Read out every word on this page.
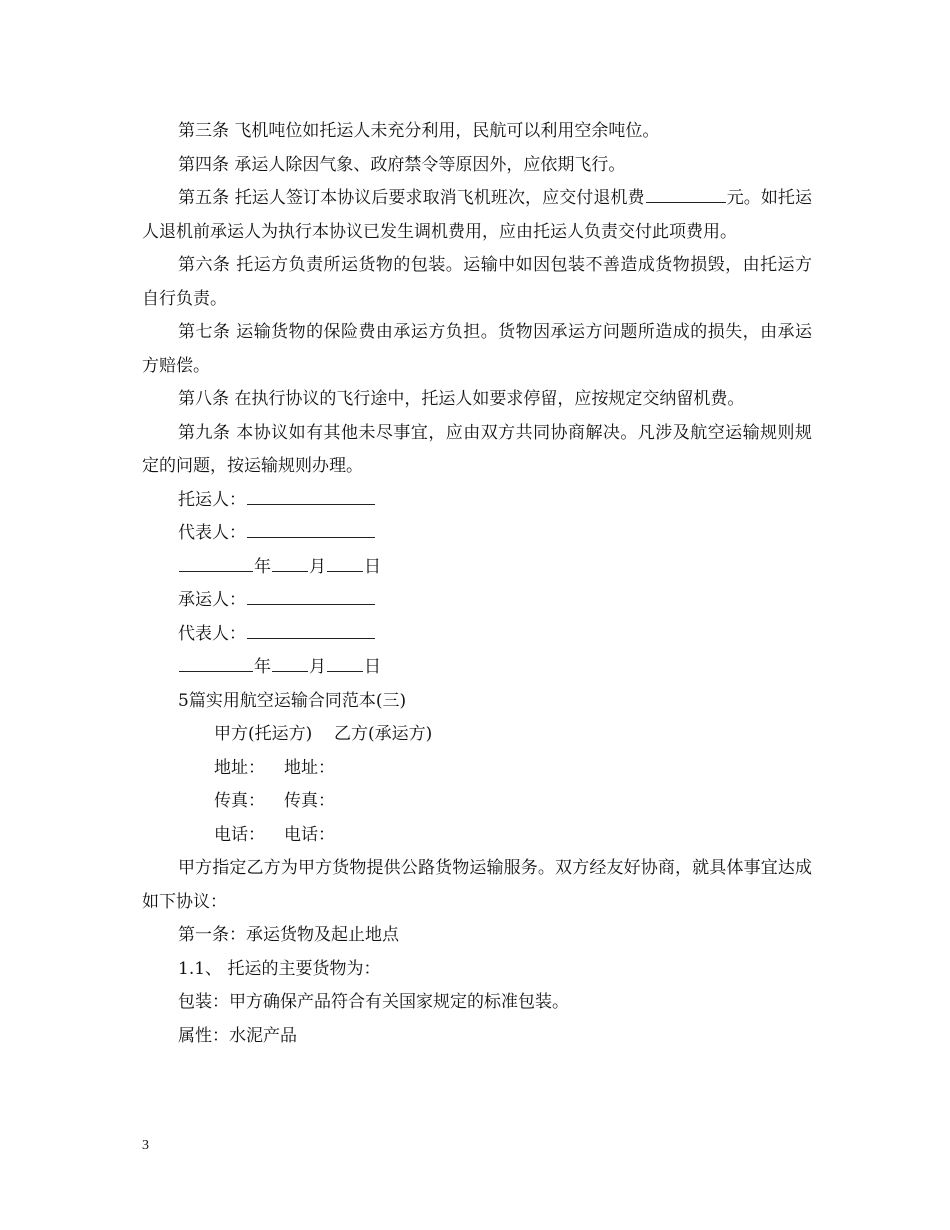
第三条 飞机吨位如托运人未充分利用，民航可以利用空余吨位。

第四条 承运人除因气象、政府禁令等原因外，应依期飞行。

第五条 托运人签订本协议后要求取消飞机班次，应交付退机费	元。如托运人退机前承运人为执行本协议已发生调机费用，应由托运人负责交付此项费用。

第六条 托运方负责所运货物的包装。运输中如因包装不善造成货物损毁，由托运方自行负责。

第七条 运输货物的保险费由承运方负担。货物因承运方问题所造成的损失，由承运方赔偿。

第八条 在执行协议的飞行途中，托运人如要求停留，应按规定交纳留机费。

第九条 本协议如有其他未尽事宜，应由双方共同协商解决。凡涉及航空运输规则规定的问题，按运输规则办理。

托运人：

代表人：

年 月 日

承运人：

代表人：

年 月 日

5篇实用航空运输合同范本(三)

甲方(托运方) 乙方(承运方)

地址： 地址：

传真： 传真：

电话： 电话：

甲方指定乙方为甲方货物提供公路货物运输服务。双方经友好协商，就具体事宜达成如下协议：

第一条：承运货物及起止地点

1.1、 托运的主要货物为：

包装：甲方确保产品符合有关国家规定的标准包装。

属性：水泥产品

3
